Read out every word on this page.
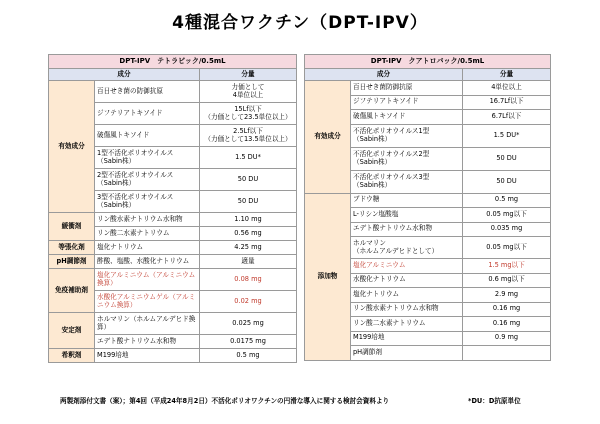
4種混合ワクチン（DPT-IPV）
DPT-IPV　テトラビック/0.5mL		
成分		分量
有効成分	百日せき菌の防御抗原	力価として
4単位以上
	ジフテリアトキソイド	15Lf以下
（力価として23.5単位以上）
	破傷風トキソイド	2.5Lf以下
（力価として13.5単位以上）
	1型不活化ポリオウイルス
（Sabin株）	1.5 DU*
	2型不活化ポリオウイルス
（Sabin株）	50 DU
	3型不活化ポリオウイルス
（Sabin株）	50 DU
緩衝剤	リン酸水素ナトリウム水和物	1.10 mg
	リン酸二水素ナトリウム	0.56 mg
等張化剤	塩化ナトリウム	4.25 mg
pH調節剤	酢酸、塩酸、水酸化ナトリウム	適量
免疫補助剤	塩化アルミニウム（アルミニウム換算）	0.08 mg
	水酸化アルミニウムゲル（アルミニウム換算）	0.02 mg
安定剤	ホルマリン（ホルムアルデヒド換算）	0.025 mg
	エデト酸ナトリウム水和物	0.0175 mg
希釈剤	M199培地	0.5 mg
DPT-IPV　クアトロバック/0.5mL		
成分		分量
有効成分	百日せき菌防御抗原	4単位以上
	ジフテリアトキソイド	16.7Lf以下
	破傷風トキソイド	6.7Lf以下
	不活化ポリオウイルス1型
（Sabin株）	1.5 DU*
	不活化ポリオウイルス2型
（Sabin株）	50 DU
	不活化ポリオウイルス3型
（Sabin株）	50 DU
添加物	ブドウ糖	0.5 mg
	L-リシン塩酸塩	0.05 mg以下
	エデト酸ナトリウム水和物	0.035 mg
	ホルマリン
（ホルムアルデヒドとして）	0.05 mg以下
	塩化アルミニウム	1.5 mg以下
	水酸化ナトリウム	0.6 mg以下
	塩化ナトリウム	2.9 mg
	リン酸水素ナトリウム水和物	0.16 mg
	リン酸二水素ナトリウム	0.16 mg
	M199培地	0.9 mg
	pH調節剤	
两製剤添付文書（案）；第4回（平成24年8月2日）不活化ポリオワクチンの円滑な導入に関する検討会資料より	*DU：D抗原単位
